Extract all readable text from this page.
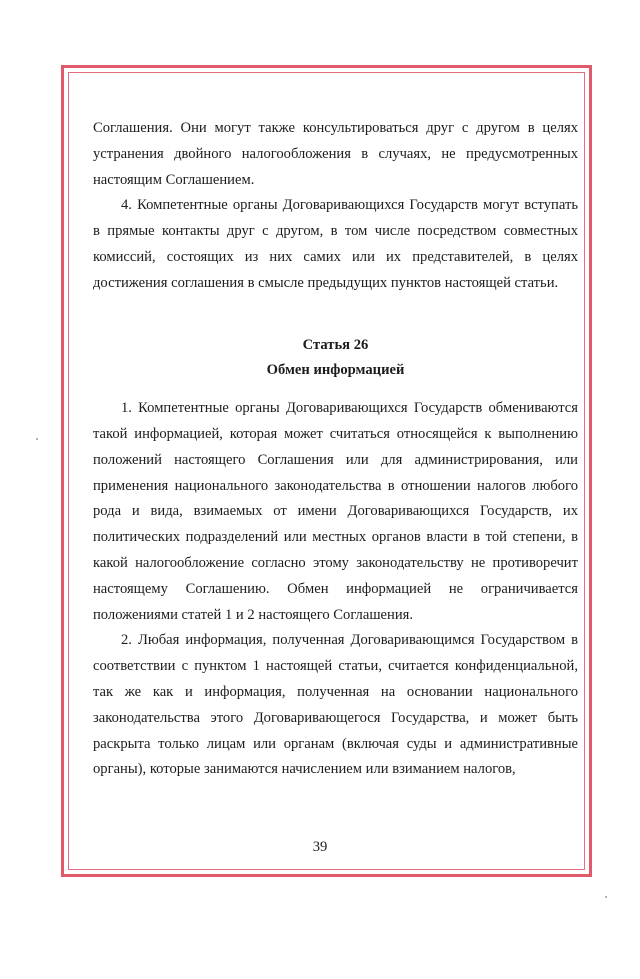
Соглашения. Они могут также консультироваться друг с другом в целях устранения двойного налогообложения в случаях, не предусмотренных настоящим Соглашением.

4. Компетентные органы Договаривающихся Государств могут вступать в прямые контакты друг с другом, в том числе посредством совместных комиссий, состоящих из них самих или их представителей, в целях достижения соглашения в смысле предыдущих пунктов настоящей статьи.

Статья 26

Обмен информацией

1. Компетентные органы Договаривающихся Государств обмениваются такой информацией, которая может считаться относящейся к выполнению положений настоящего Соглашения или для администрирования, или применения национального законодательства в отношении налогов любого рода и вида, взимаемых от имени Договаривающихся Государств, их политических подразделений или местных органов власти в той степени, в какой налогообложение согласно этому законодательству не противоречит настоящему Соглашению. Обмен информацией не ограничивается положениями статей 1 и 2 настоящего Соглашения.

2. Любая информация, полученная Договаривающимся Государством в соответствии с пунктом 1 настоящей статьи, считается конфиденциальной, так же как и информация, полученная на основании национального законодательства этого Договаривающегося Государства, и может быть раскрыта только лицам или органам (включая суды и административные органы), которые занимаются начислением или взиманием налогов,

39
